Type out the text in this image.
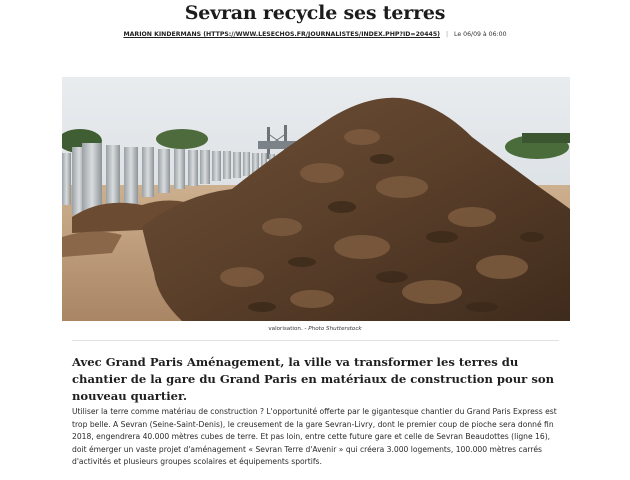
Sevran recycle ses terres
MARION KINDERMANS (HTTPS://WWW.LESECHOS.FR/JOURNALISTES/INDEX.PHP?ID=20445) | Le 06/09 à 06:00
valorisation. - Photo Shutterstock

Avec Grand Paris Aménagement, la ville va transformer les terres du chantier de la gare du Grand Paris en matériaux de construction pour son nouveau quartier.

Utiliser la terre comme matériau de construction ? L'opportunité offerte par le gigantesque chantier du Grand Paris Express est trop belle. A Sevran (Seine-Saint-Denis), le creusement de la gare Sevran-Livry, dont le premier coup de pioche sera donné fin 2018, engendrera 40.000 mètres cubes de terre. Et pas loin, entre cette future gare et celle de Sevran Beaudottes (ligne 16), doit émerger un vaste projet d'aménagement « Sevran Terre d'Avenir » qui créera 3.000 logements, 100.000 mètres carrés d'activités et plusieurs groupes scolaires et équipements sportifs.
